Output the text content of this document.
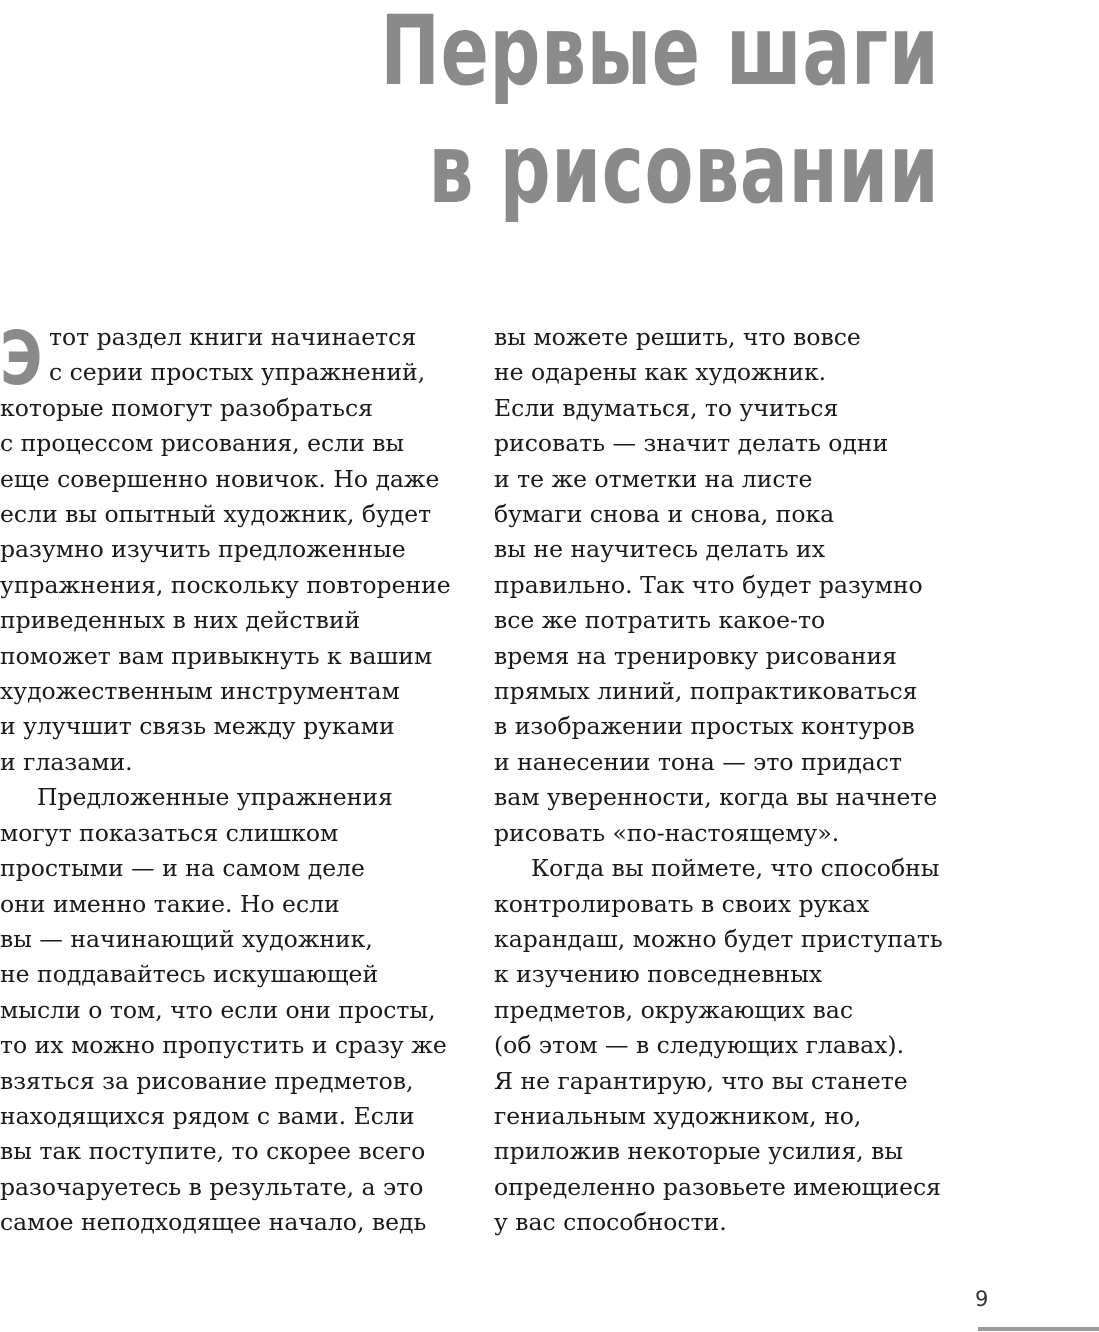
Первые шаги
в рисовании
Э тот раздел книги начинается
с серии простых упражнений,
которые помогут разобраться
с процессом рисования, если вы
еще совершенно новичок. Но даже
если вы опытный художник, будет
разумно изучить предложенные
упражнения, поскольку повторение
приведенных в них действий
поможет вам привыкнуть к вашим
художественным инструментам
и улучшит связь между руками
и глазами.
Предложенные упражнения
могут показаться слишком
простыми — и на самом деле
они именно такие. Но если
вы — начинающий художник,
не поддавайтесь искушающей
мысли о том, что если они просты,
то их можно пропустить и сразу же
взяться за рисование предметов,
находящихся рядом с вами. Если
вы так поступите, то скорее всего
разочаруетесь в результате, а это
самое неподходящее начало, ведь
вы можете решить, что вовсе
не одарены как художник.
Если вдуматься, то учиться
рисовать — значит делать одни
и те же отметки на листе
бумаги снова и снова, пока
вы не научитесь делать их
правильно. Так что будет разумно
все же потратить какое-то
время на тренировку рисования
прямых линий, попрактиковаться
в изображении простых контуров
и нанесении тона — это придаст
вам уверенности, когда вы начнете
рисовать «по-настоящему».
Когда вы поймете, что способны
контролировать в своих руках
карандаш, можно будет приступать
к изучению повседневных
предметов, окружающих вас
(об этом — в следующих главах).
Я не гарантирую, что вы станете
гениальным художником, но,
приложив некоторые усилия, вы
определенно разовьете имеющиеся
у вас способности.
9
